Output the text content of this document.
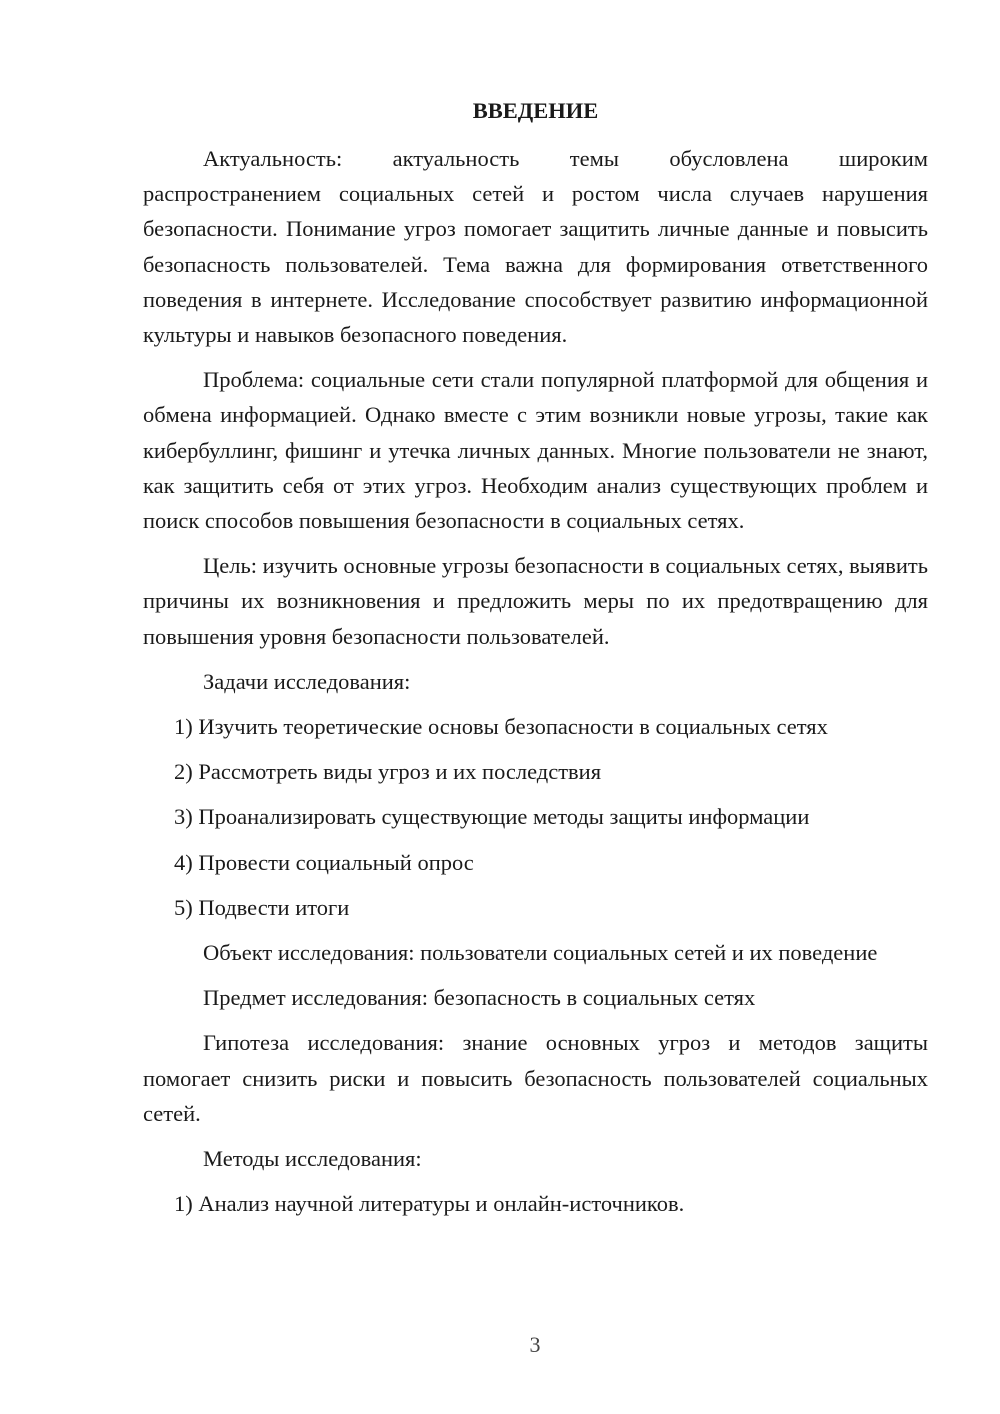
ВВЕДЕНИЕ

Актуальность: актуальность темы обусловлена широким распространением социальных сетей и ростом числа случаев нарушения безопасности. Понимание угроз помогает защитить личные данные и повысить безопасность пользователей. Тема важна для формирования ответственного поведения в интернете. Исследование способствует развитию информационной культуры и навыков безопасного поведения.

Проблема: социальные сети стали популярной платформой для общения и обмена информацией. Однако вместе с этим возникли новые угрозы, такие как кибербуллинг, фишинг и утечка личных данных. Многие пользователи не знают, как защитить себя от этих угроз. Необходим анализ существующих проблем и поиск способов повышения безопасности в социальных сетях.

Цель: изучить основные угрозы безопасности в социальных сетях, выявить причины их возникновения и предложить меры по их предотвращению для повышения уровня безопасности пользователей.

Задачи исследования:

1) Изучить теоретические основы безопасности в социальных сетях
2) Рассмотреть виды угроз и их последствия
3) Проанализировать существующие методы защиты информации
4) Провести социальный опрос
5) Подвести итоги

Объект исследования: пользователи социальных сетей и их поведение

Предмет исследования: безопасность в социальных сетях

Гипотеза исследования: знание основных угроз и методов защиты помогает снизить риски и повысить безопасность пользователей социальных сетей.

Методы исследования:

1) Анализ научной литературы и онлайн-источников.
3
